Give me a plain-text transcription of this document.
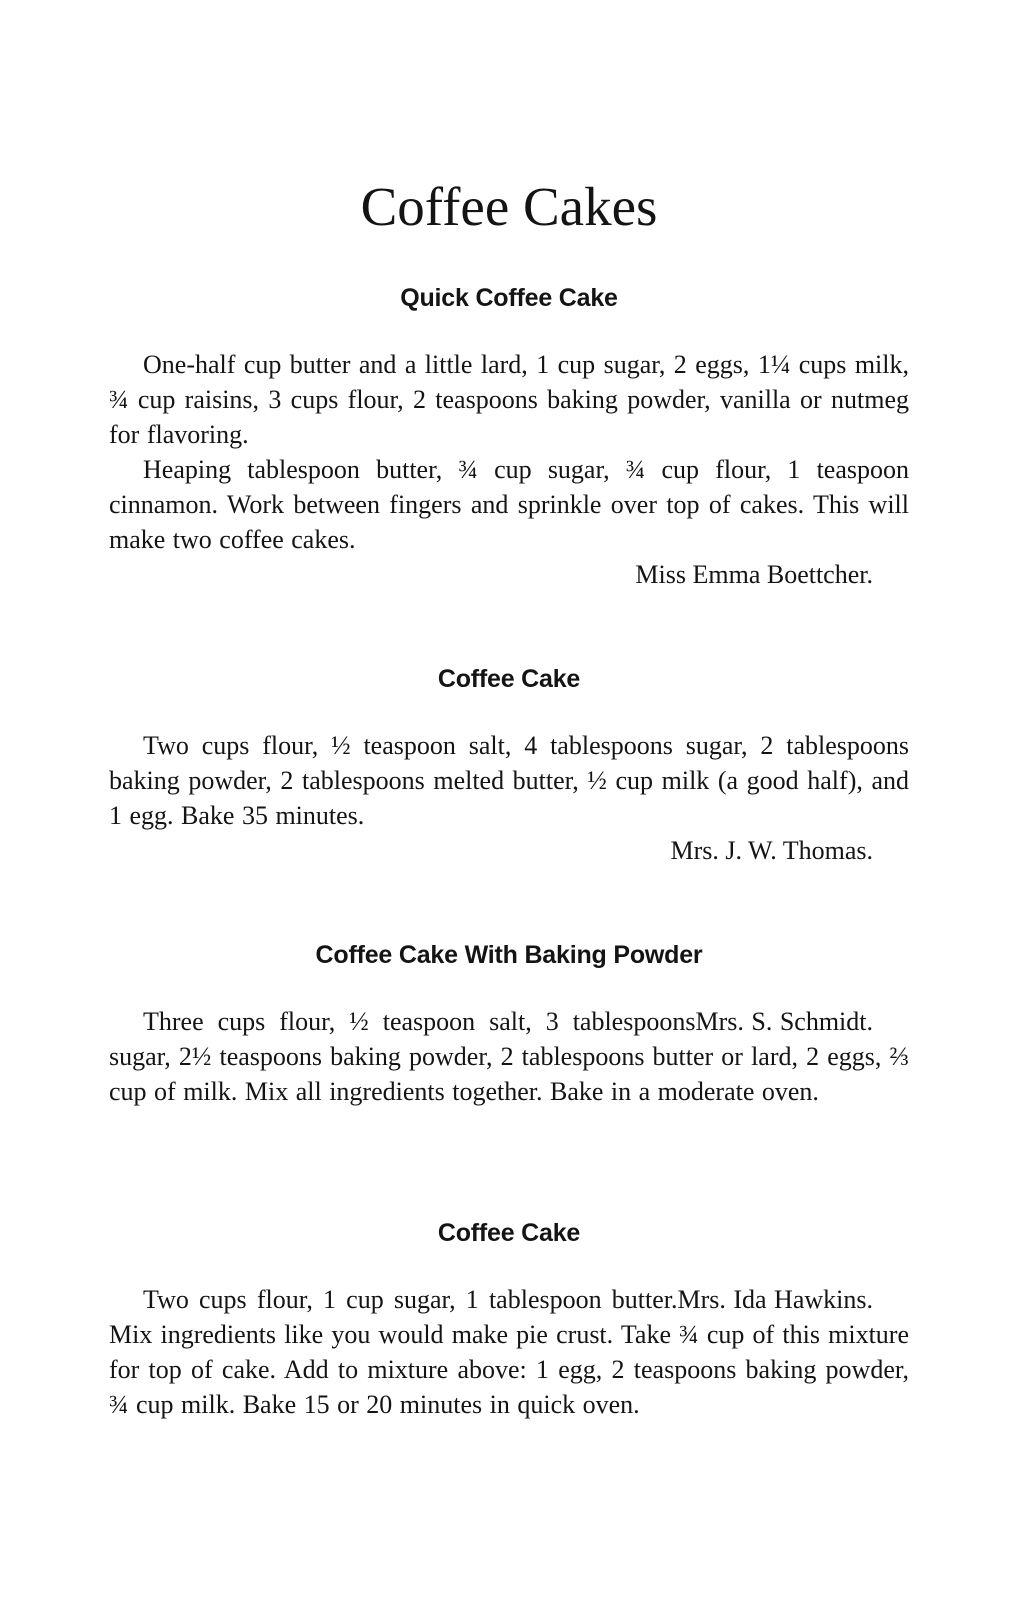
Coffee Cakes
Quick Coffee Cake

One-half cup butter and a little lard, 1 cup sugar, 2 eggs, 1¼ cups milk, ¾ cup raisins, 3 cups flour, 2 teaspoons baking powder, vanilla or nutmeg for flavoring.

Heaping tablespoon butter, ¾ cup sugar, ¾ cup flour, 1 teaspoon cinnamon. Work between fingers and sprinkle over top of cakes. This will make two coffee cakes.

Miss Emma Boettcher.

Coffee Cake

Two cups flour, ½ teaspoon salt, 4 tablespoons sugar, 2 tablespoons baking powder, 2 tablespoons melted butter, ½ cup milk (a good half), and 1 egg. Bake 35 minutes.

Mrs. J. W. Thomas.

Coffee Cake With Baking Powder

Mrs. S. Schmidt.
Three cups flour, ½ teaspoon salt, 3 tablespoons sugar, 2½ teaspoons baking powder, 2 tablespoons butter or lard, 2 eggs, ⅔ cup of milk. Mix all ingredients together. Bake in a moderate oven.

Coffee Cake

Mrs. Ida Hawkins.
Two cups flour, 1 cup sugar, 1 tablespoon butter. Mix ingredients like you would make pie crust. Take ¾ cup of this mixture for top of cake. Add to mixture above: 1 egg, 2 teaspoons baking powder, ¾ cup milk. Bake 15 or 20 minutes in quick oven.
